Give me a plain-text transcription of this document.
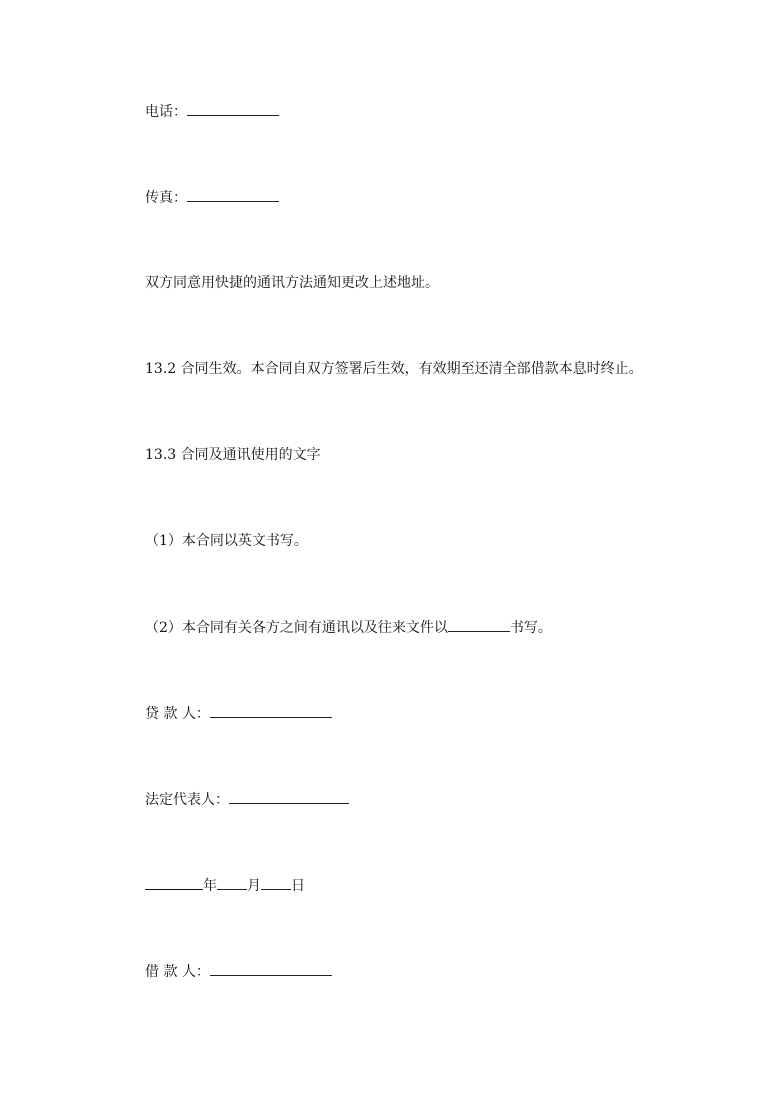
电话：
传真：
双方同意用快捷的通讯方法通知更改上述地址。
13.2 合同生效。本合同自双方签署后生效，有效期至还清全部借款本息时终止。
13.3 合同及通讯使用的文字
（1）本合同以英文书写。
（2）本合同有关各方之间有通讯以及往来文件以	书写。
贷 款 人：
法定代表人：
年 月 日
借 款 人：
